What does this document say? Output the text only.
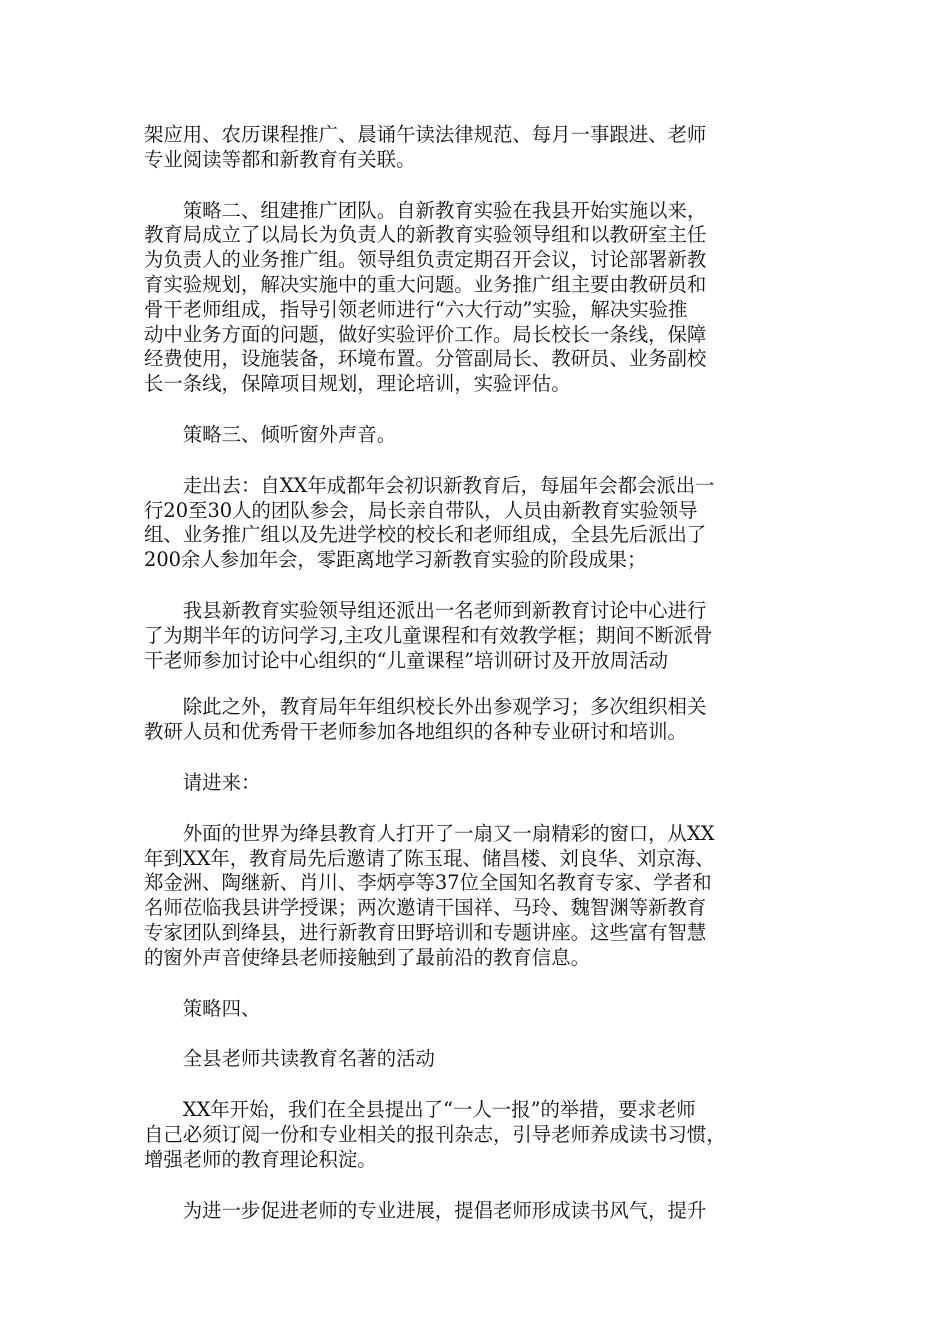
架应用、农历课程推广、晨诵午读法律规范、每月一事跟进、老师
专业阅读等都和新教育有关联。

策略二、组建推广团队。自新教育实验在我县开始实施以来，
教育局成立了以局长为负责人的新教育实验领导组和以教研室主任
为负责人的业务推广组。领导组负责定期召开会议，讨论部署新教
育实验规划，解决实施中的重大问题。业务推广组主要由教研员和
骨干老师组成，指导引领老师进行“六大行动”实验，解决实验推
动中业务方面的问题，做好实验评价工作。局长校长一条线，保障
经费使用，设施装备，环境布置。分管副局长、教研员、业务副校
长一条线，保障项目规划，理论培训，实验评估。

策略三、倾听窗外声音。

走出去：自XX年成都年会初识新教育后，每届年会都会派出一
行20至30人的团队参会，局长亲自带队，人员由新教育实验领导
组、业务推广组以及先进学校的校长和老师组成，全县先后派出了
200余人参加年会，零距离地学习新教育实验的阶段成果；

我县新教育实验领导组还派出一名老师到新教育讨论中心进行
了为期半年的访问学习,主攻儿童课程和有效教学框；期间不断派骨
干老师参加讨论中心组织的“儿童课程”培训研讨及开放周活动

除此之外，教育局年年组织校长外出参观学习；多次组织相关
教研人员和优秀骨干老师参加各地组织的各种专业研讨和培训。

请进来：

外面的世界为绛县教育人打开了一扇又一扇精彩的窗口，从XX
年到XX年，教育局先后邀请了陈玉琨、储昌楼、刘良华、刘京海、
郑金洲、陶继新、肖川、李炳亭等37位全国知名教育专家、学者和
名师莅临我县讲学授课；两次邀请干国祥、马玲、魏智渊等新教育
专家团队到绛县，进行新教育田野培训和专题讲座。这些富有智慧
的窗外声音使绛县老师接触到了最前沿的教育信息。

策略四、

全县老师共读教育名著的活动

XX年开始，我们在全县提出了“一人一报”的举措，要求老师
自己必须订阅一份和专业相关的报刊杂志，引导老师养成读书习惯，
增强老师的教育理论积淀。

为进一步促进老师的专业进展，提倡老师形成读书风气，提升
